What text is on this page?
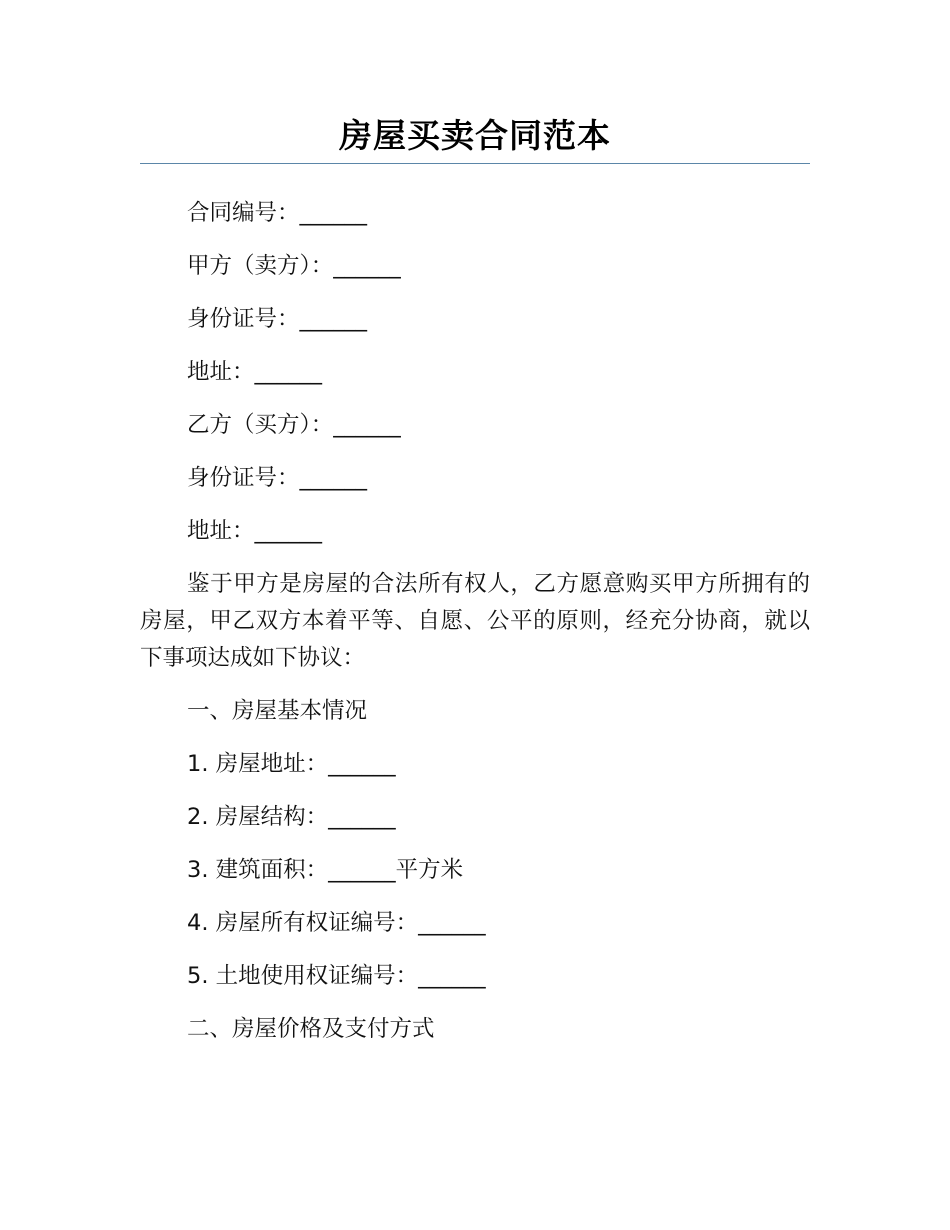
房屋买卖合同范本

合同编号：______

甲方（卖方）：______

身份证号：______

地址：______

乙方（买方）：______

身份证号：______

地址：______

鉴于甲方是房屋的合法所有权人，乙方愿意购买甲方所拥有的房屋，甲乙双方本着平等、自愿、公平的原则，经充分协商，就以下事项达成如下协议：

一、房屋基本情况

1. 房屋地址：______

2. 房屋结构：______

3. 建筑面积：______平方米

4. 房屋所有权证编号：______

5. 土地使用权证编号：______

二、房屋价格及支付方式
